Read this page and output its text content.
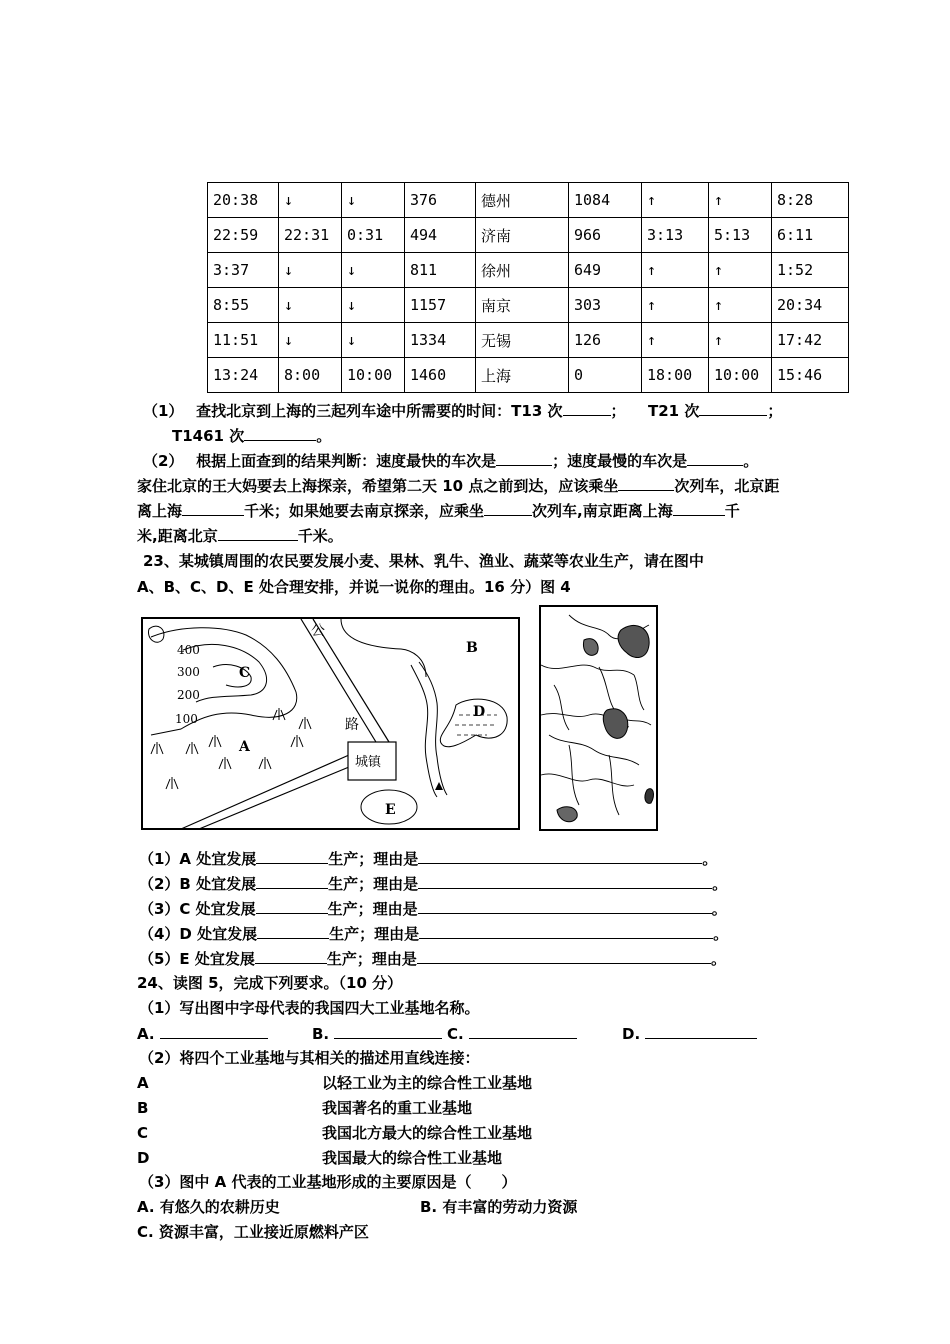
20:38	↓	↓	376	德州	1084	↑	↑	8:28
22:59	22:31	0:31	494	济南	966	3:13	5:13	6:11
3:37	↓	↓	811	徐州	649	↑	↑	1:52
8:55	↓	↓	1157	南京	303	↑	↑	20:34
11:51	↓	↓	1334	无锡	126	↑	↑	17:42
13:24	8:00	10:00	1460	上海	0	18:00	10:00	15:46
（1）　 查找北京到上海的三起列车途中所需要的时间：T13 次	；　　T21 次	；
T1461 次	。
（2）　 根据上面查到的结果判断：速度最快的车次是	；速度最慢的车次是	。
家住北京的王大妈要去上海探亲，希望第二天 10 点之前到达，应该乘坐	次列车，北京距
离上海	千米；如果她要去南京探亲，应乘坐	次列车,南京距离上海	千
米,距离北京	千米。
23、某城镇周围的农民要发展小麦、果林、乳牛、渔业、蔬菜等农业生产，请在图中
A、B、C、D、E 处合理安排，并说一说你的理由。16 分）图 4
400
300
200
100
C
A
公
路
城镇
B
D
E
（1）A 处宜发展	生产；理由是	。
（2）B 处宜发展	生产；理由是	。
（3）C 处宜发展	生产；理由是	。
（4）D 处宜发展	生产；理由是	。
（5）E 处宜发展	生产；理由是	。
24、读图 5，完成下列要求。（10 分）
（1）写出图中字母代表的我国四大工业基地名称。
A.	B.	C.	D.
（2）将四个工业基地与其相关的描述用直线连接：
A	以轻工业为主的综合性工业基地
B	我国著名的重工业基地
C	我国北方最大的综合性工业基地
D	我国最大的综合性工业基地
（3）图中 A 代表的工业基地形成的主要原因是（　　）
A. 有悠久的农耕历史	B. 有丰富的劳动力资源
C. 资源丰富，工业接近原燃料产区
